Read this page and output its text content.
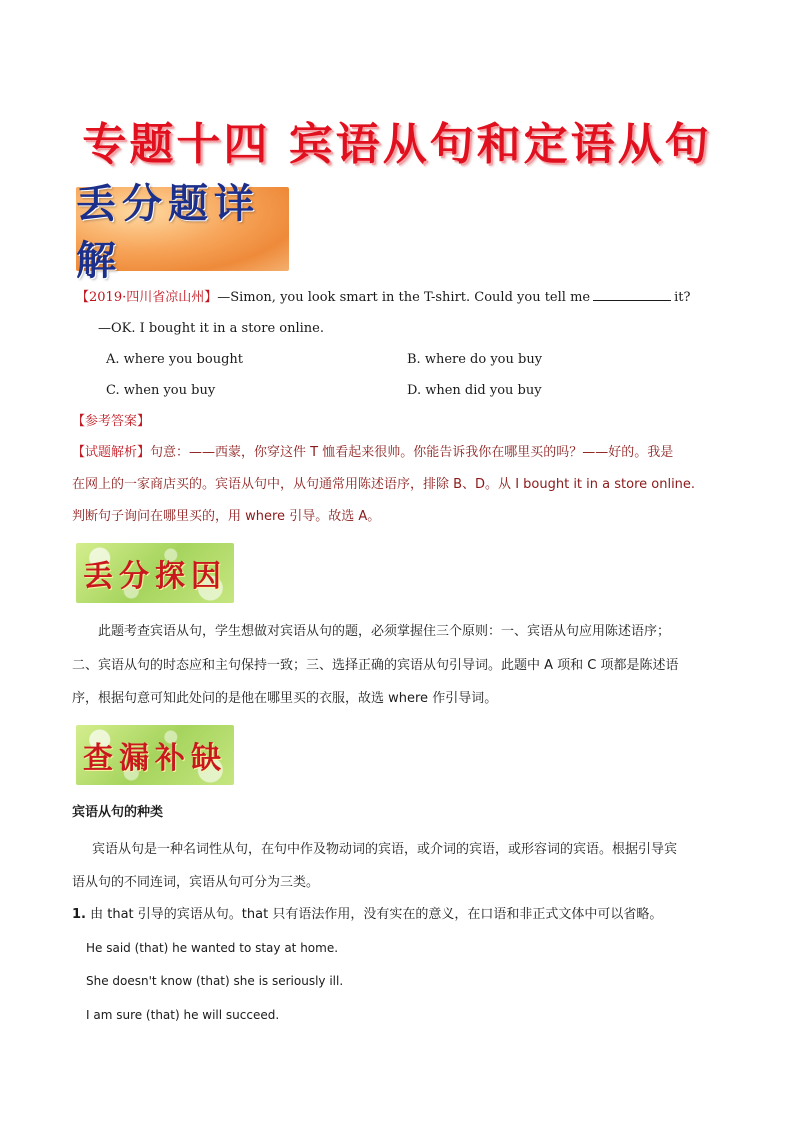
专题十四 宾语从句和定语从句
丢分题详解
【2019·四川省凉山州】—Simon, you look smart in the T-shirt. Could you tell me	it?
—OK. I bought it in a store online.
A. where you bought	B. where do you buy
C. when you buy	D. when did you buy
【参考答案】
【试题解析】句意：——西蒙，你穿这件 T 恤看起来很帅。你能告诉我你在哪里买的吗？——好的。我是
在网上的一家商店买的。宾语从句中，从句通常用陈述语序，排除 B、D。从 I bought it in a store online.
判断句子询问在哪里买的，用 where 引导。故选 A。
丢分探因
此题考查宾语从句，学生想做对宾语从句的题，必须掌握住三个原则：一、宾语从句应用陈述语序；
二、宾语从句的时态应和主句保持一致；三、选择正确的宾语从句引导词。此题中 A 项和 C 项都是陈述语
序，根据句意可知此处问的是他在哪里买的衣服，故选 where 作引导词。
查漏补缺
宾语从句的种类
宾语从句是一种名词性从句，在句中作及物动词的宾语，或介词的宾语，或形容词的宾语。根据引导宾
语从句的不同连词，宾语从句可分为三类。
1. 由 that 引导的宾语从句。that 只有语法作用，没有实在的意义，在口语和非正式文体中可以省略。
He said (that) he wanted to stay at home.
She doesn't know (that) she is seriously ill.
I am sure (that) he will succeed.
